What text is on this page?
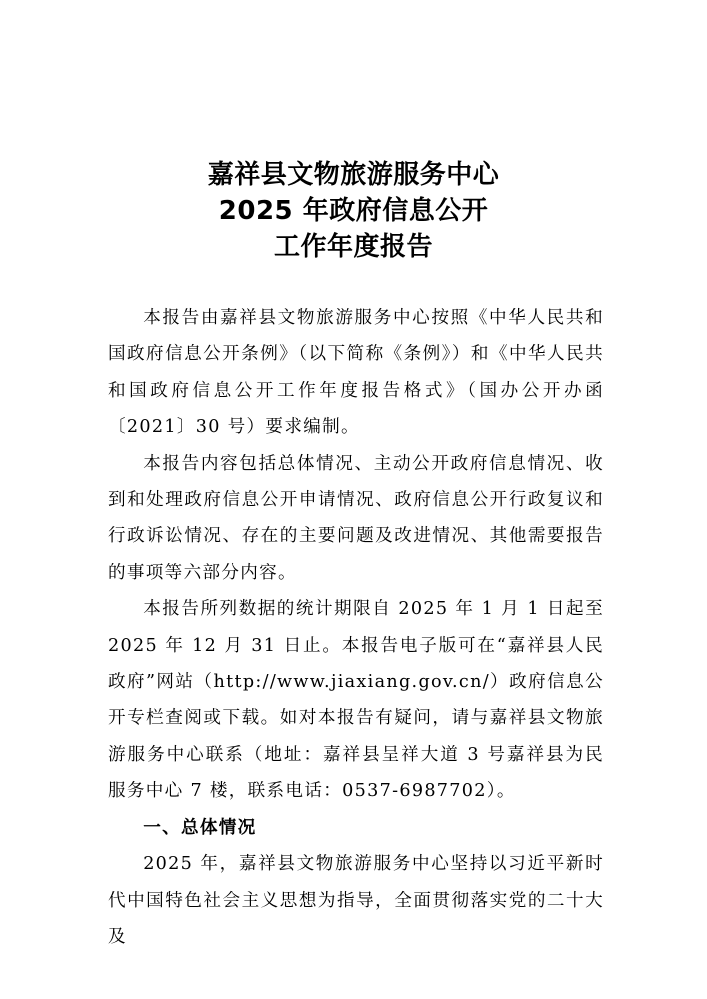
嘉祥县文物旅游服务中心
2025 年政府信息公开
工作年度报告

本报告由嘉祥县文物旅游服务中心按照《中华人民共和国政府信息公开条例》（以下简称《条例》）和《中华人民共和国政府信息公开工作年度报告格式》（国办公开办函〔2021〕30 号）要求编制。

本报告内容包括总体情况、主动公开政府信息情况、收到和处理政府信息公开申请情况、政府信息公开行政复议和行政诉讼情况、存在的主要问题及改进情况、其他需要报告的事项等六部分内容。

本报告所列数据的统计期限自 2025 年 1 月 1 日起至 2025 年 12 月 31 日止。本报告电子版可在“嘉祥县人民政府”网站（http://www.jiaxiang.gov.cn/）政府信息公开专栏查阅或下载。如对本报告有疑问，请与嘉祥县文物旅游服务中心联系（地址：嘉祥县呈祥大道 3 号嘉祥县为民服务中心 7 楼，联系电话：0537-6987702）。

一、总体情况

2025 年，嘉祥县文物旅游服务中心坚持以习近平新时代中国特色社会主义思想为指导，全面贯彻落实党的二十大及
